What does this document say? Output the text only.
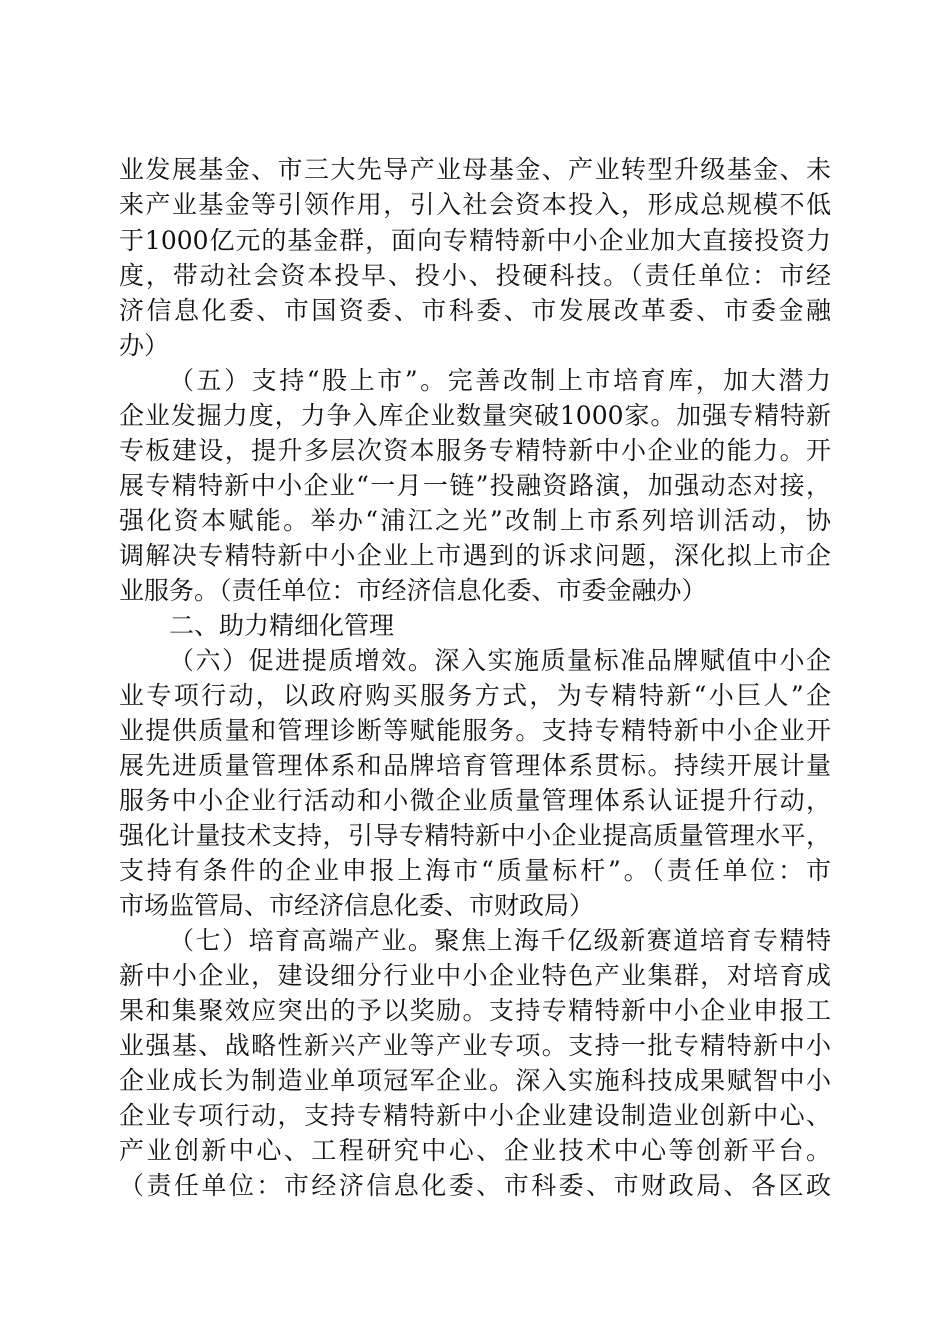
业发展基金、市三大先导产业母基金、产业转型升级基金、未
来产业基金等引领作用，引入社会资本投入，形成总规模不低
于1000亿元的基金群，面向专精特新中小企业加大直接投资力
度，带动社会资本投早、投小、投硬科技。（责任单位：市经
济信息化委、市国资委、市科委、市发展改革委、市委金融
办）
（五）支持“股上市”。完善改制上市培育库，加大潜力
企业发掘力度，力争入库企业数量突破1000家。加强专精特新
专板建设，提升多层次资本服务专精特新中小企业的能力。开
展专精特新中小企业“一月一链”投融资路演，加强动态对接，
强化资本赋能。举办“浦江之光”改制上市系列培训活动，协
调解决专精特新中小企业上市遇到的诉求问题，深化拟上市企
业服务。（责任单位：市经济信息化委、市委金融办）
二、助力精细化管理
（六）促进提质增效。深入实施质量标准品牌赋值中小企
业专项行动，以政府购买服务方式，为专精特新“小巨人”企
业提供质量和管理诊断等赋能服务。支持专精特新中小企业开
展先进质量管理体系和品牌培育管理体系贯标。持续开展计量
服务中小企业行活动和小微企业质量管理体系认证提升行动，
强化计量技术支持，引导专精特新中小企业提高质量管理水平，
支持有条件的企业申报上海市“质量标杆”。（责任单位：市
市场监管局、市经济信息化委、市财政局）
（七）培育高端产业。聚焦上海千亿级新赛道培育专精特
新中小企业，建设细分行业中小企业特色产业集群，对培育成
果和集聚效应突出的予以奖励。支持专精特新中小企业申报工
业强基、战略性新兴产业等产业专项。支持一批专精特新中小
企业成长为制造业单项冠军企业。深入实施科技成果赋智中小
企业专项行动，支持专精特新中小企业建设制造业创新中心、
产业创新中心、工程研究中心、企业技术中心等创新平台。
（责任单位：市经济信息化委、市科委、市财政局、各区政
